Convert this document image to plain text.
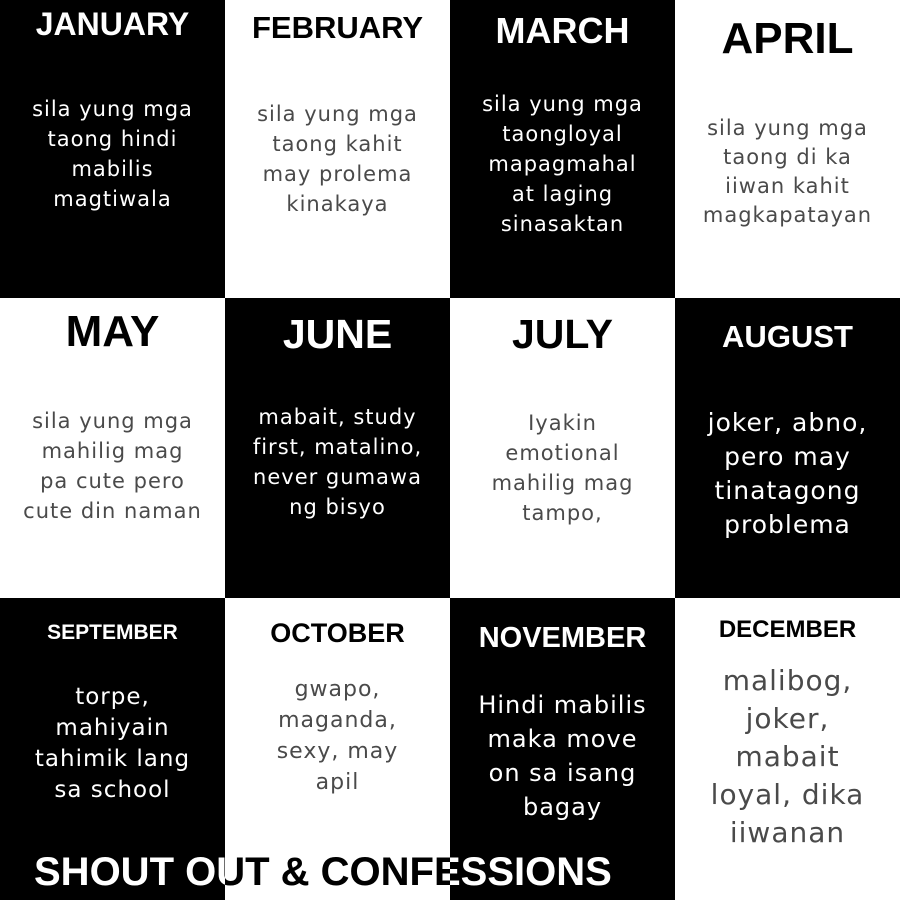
JANUARY
sila yung mga
taong hindi
mabilis
magtiwala
FEBRUARY
sila yung mga
taong kahit
may prolema
kinakaya
MARCH
sila yung mga
taongloyal
mapagmahal
at laging
sinasaktan
APRIL
sila yung mga
taong di ka
iiwan kahit
magkapatayan
MAY
sila yung mga
mahilig mag
pa cute pero
cute din naman
JUNE
mabait, study
first, matalino,
never gumawa
ng bisyo
JULY
Iyakin
emotional
mahilig mag
tampo,
AUGUST
joker, abno,
pero may
tinatagong
problema
SEPTEMBER
torpe,
mahiyain
tahimik lang
sa school
OCTOBER
gwapo,
maganda,
sexy, may
apil
NOVEMBER
Hindi mabilis
maka move
on sa isang
bagay
DECEMBER
malibog,
joker,
mabait
loyal, dika
iiwanan
SHOUT OUT & CONFESSIONS
